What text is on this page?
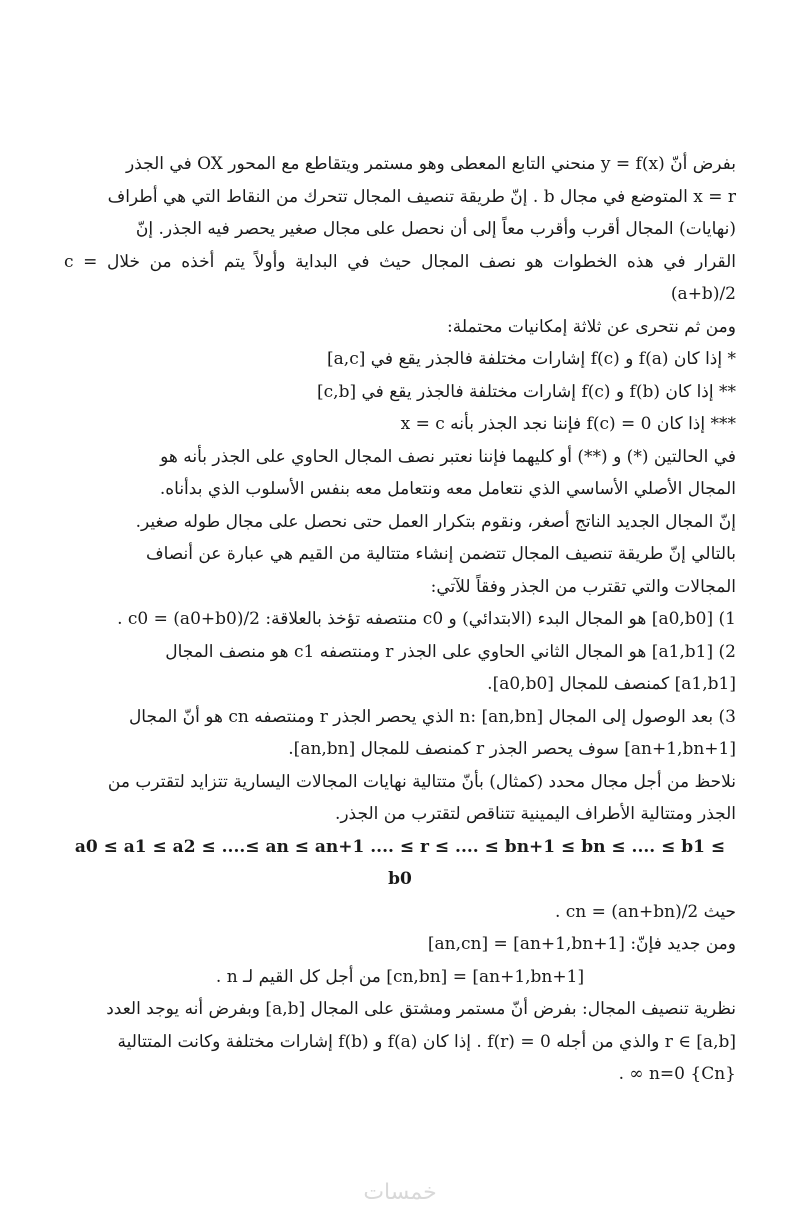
بفرض أنّ y = f(x) منحني التابع المعطى وهو مستمر ويتقاطع مع المحور OX في الجذر

x = r المتوضع في مجال b . إنّ طريقة تنصيف المجال تتحرك من النقاط التي هي أطراف

(نهايات) المجال أقرب وأقرب معاً إلى أن نحصل على مجال صغير يحصر فيه الجذر. إنّ

القرار في هذه الخطوات هو نصف المجال حيث في البداية وأولاً يتم أخذه من خلال c = (a+b)/2

ومن ثم نتحرى عن ثلاثة إمكانيات محتملة:

* إذا كان f(a) و f(c) إشارات مختلفة فالجذر يقع في [a,c]

** إذا كان f(b) و f(c) إشارات مختلفة فالجذر يقع في [c,b]

*** إذا كان f(c) = 0 فإننا نجد الجذر بأنه x = c

في الحالتين (*) و (**) أو كليهما فإننا نعتبر نصف المجال الحاوي على الجذر بأنه هو

المجال الأصلي الأساسي الذي نتعامل معه ونتعامل معه بنفس الأسلوب الذي بدأناه.

إنّ المجال الجديد الناتج أصغر، ونقوم بتكرار العمل حتى نحصل على مجال طوله صغير.

بالتالي إنّ طريقة تنصيف المجال تتضمن إنشاء متتالية من القيم هي عبارة عن أنصاف

المجالات والتي تقترب من الجذر وفقاً للآتي:

1) [a0,b0] هو المجال البدء (الابتدائي) و c0 منتصفه تؤخذ بالعلاقة: c0 = (a0+b0)/2 .

2) [a1,b1] هو المجال الثاني الحاوي على الجذر r ومنتصفه c1 هو منصف المجال

[a1,b1] كمنصف للمجال [a0,b0].

3) بعد الوصول إلى المجال n: [an,bn] الذي يحصر الجذر r ومنتصفه cn هو أنّ المجال

[an+1,bn+1] سوف يحصر الجذر r كمنصف للمجال [an,bn].

نلاحظ من أجل مجال محدد (كمثال) بأنّ متتالية نهايات المجالات اليسارية تتزايد لتقترب من

الجذر ومتتالية الأطراف اليمينية تتناقص لتقترب من الجذر.

a0 ≤ a1 ≤ a2 ≤ ....≤ an ≤ an+1 .... ≤ r ≤ .... ≤ bn+1 ≤ bn ≤ .... ≤ b1 ≤ b0

حيث cn = (an+bn)/2 .

ومن جديد فإنّ: [an+1,bn+1] = [an,cn]

[an+1,bn+1] = [cn,bn] من أجل كل القيم لـ n .

نظرية تنصيف المجال: بفرض أنّ مستمر ومشتق على المجال [a,b] وبفرض أنه يوجد العدد

r ∈ [a,b] والذي من أجله f(r) = 0 . إذا كان f(a) و f(b) إشارات مختلفة وكانت المتتالية

{Cn} n=0 ∞ .

خمسات
